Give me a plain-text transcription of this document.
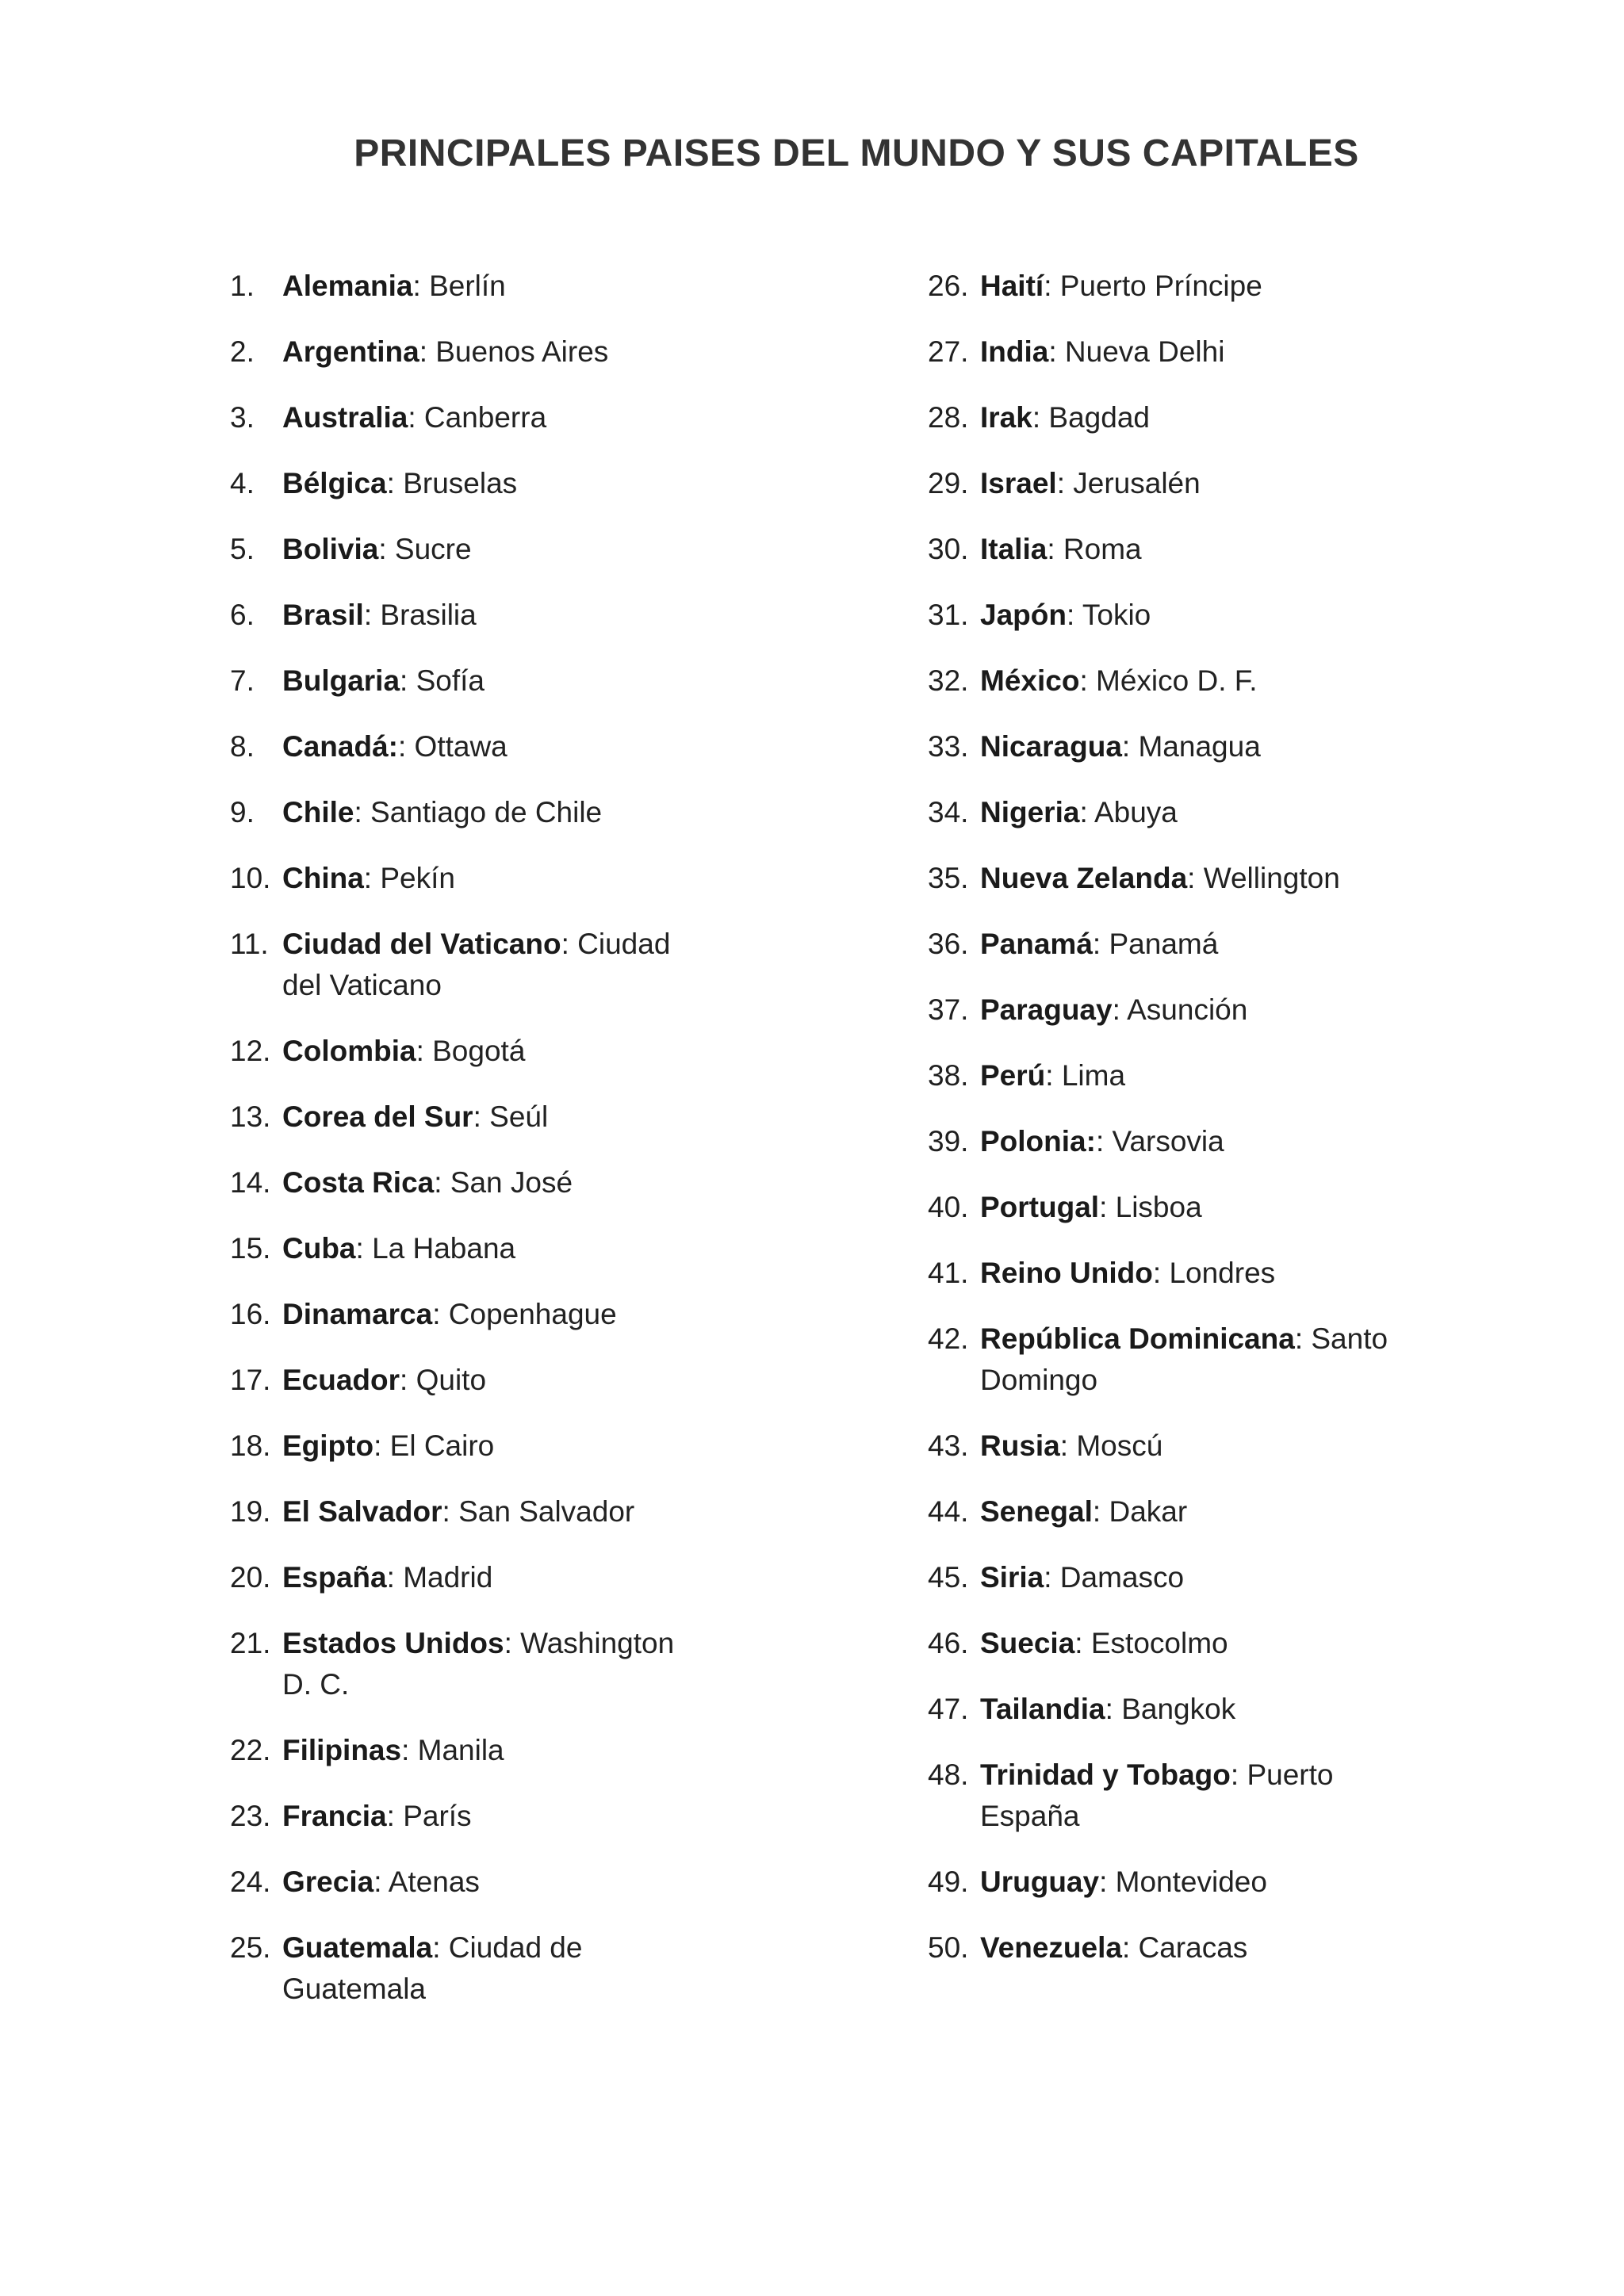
PRINCIPALES PAISES DEL MUNDO Y SUS CAPITALES
1. Alemania: Berlín
2. Argentina: Buenos Aires
3. Australia: Canberra
4. Bélgica: Bruselas
5. Bolivia: Sucre
6. Brasil: Brasilia
7. Bulgaria: Sofía
8. Canadá:: Ottawa
9. Chile: Santiago de Chile
10. China: Pekín
11. Ciudad del Vaticano: Ciudad del Vaticano
12. Colombia: Bogotá
13. Corea del Sur: Seúl
14. Costa Rica: San José
15. Cuba: La Habana
16. Dinamarca: Copenhague
17. Ecuador: Quito
18. Egipto: El Cairo
19. El Salvador: San Salvador
20. España: Madrid
21. Estados Unidos: Washington D. C.
22. Filipinas: Manila
23. Francia: París
24. Grecia: Atenas
25. Guatemala: Ciudad de Guatemala
26. Haití: Puerto Príncipe
27. India: Nueva Delhi
28. Irak: Bagdad
29. Israel: Jerusalén
30. Italia: Roma
31. Japón: Tokio
32. México: México D. F.
33. Nicaragua: Managua
34. Nigeria: Abuya
35. Nueva Zelanda: Wellington
36. Panamá: Panamá
37. Paraguay: Asunción
38. Perú: Lima
39. Polonia:: Varsovia
40. Portugal: Lisboa
41. Reino Unido: Londres
42. República Dominicana: Santo Domingo
43. Rusia: Moscú
44. Senegal: Dakar
45. Siria: Damasco
46. Suecia: Estocolmo
47. Tailandia: Bangkok
48. Trinidad y Tobago: Puerto España
49. Uruguay: Montevideo
50. Venezuela: Caracas
